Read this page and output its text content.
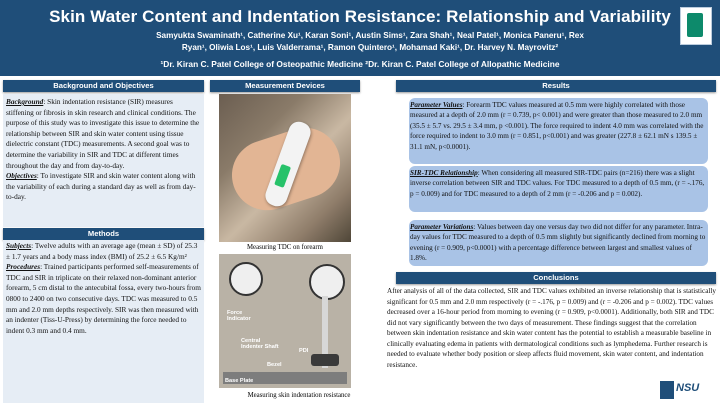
Skin Water Content and Indentation Resistance: Relationship and Variability
Samyukta Swaminath¹, Catherine Xu¹, Karan Soni¹, Austin Sims¹, Zara Shah¹, Neal Patel¹, Monica Paneru¹, Rex Ryan¹, Oliwia Los¹, Luis Valderrama¹, Ramon Quintero¹, Mohamad Kaki¹, Dr. Harvey N. Mayrovitz²
¹Dr. Kiran C. Patel College of Osteopathic Medicine ²Dr. Kiran C. Patel College of Allopathic Medicine
Background and Objectives
Background: Skin indentation resistance (SIR) measures stiffening or fibrosis in skin research and clinical conditions. The purpose of this study was to investigate this issue to determine the relationship between SIR and skin water content using tissue dielectric constant (TDC) measurements. A second goal was to determine the variability in SIR and TDC at different times throughout the day and from day-to-day.
Objectives: To investigate SIR and skin water content along with the variability of each during a standard day as well as from day-to-day.
Methods
Subjects: Twelve adults with an average age (mean ± SD) of 25.3 ± 1.7 years and a body mass index (BMI) of 25.2 ± 6.5 Kg/m²
Procedures: Trained participants performed self-measurements of TDC and SIR in triplicate on their relaxed non-dominant anterior forearm, 5 cm distal to the antecubital fossa, every two-hours from 0800 to 2400 on two consecutive days. TDC was measured to 0.5 mm and 2.0 mm depths respectively. SIR was then measured with an indenter (Tiss-U-Press) by determining the force needed to indent 0.3 mm and 0.4 mm.
Measurement Devices
Measuring TDC on forearm
Force Indicator
Central Indenter Shaft
Bezel
PDI
Base Plate
Measuring skin indentation resistance
Results
Parameter Values: Forearm TDC values measured at 0.5 mm were highly correlated with those measured at a depth of 2.0 mm (r = 0.739, p< 0.001) and were greater than those measured to 2.0 mm (35.5 ± 5.7 vs. 29.5 ± 3.4 mm, p <0.001). The force required to indent 4.0 mm was correlated with the force required to indent to 3.0 mm (r = 0.851, p<0.001) and was greater (227.8 ± 62.1 mN s 139.5 ± 31.1 mN, p<0.0001).
SIR-TDC Relationship: When considering all measured SIR-TDC pairs (n=216) there was a slight inverse correlation between SIR and TDC values. For TDC measured to a depth of 0.5 mm, (r = -.176, p = 0.009) and for TDC measured to a depth of 2 mm (r = -0.206 and p = 0.002).
Parameter Variations: Values between day one versus day two did not differ for any parameter. Intra-day values for TDC measured to a depth of 0.5 mm slightly but significantly declined from morning to evening (r = 0.909, p<0.0001) with a percentage difference between largest and smallest values of 1.8%.
Conclusions
After analysis of all of the data collected, SIR and TDC values exhibited an inverse relationship that is statistically significant for 0.5 mm and 2.0 mm respectively (r = -.176, p = 0.009) and (r = -0.206 and p = 0.002). TDC values decreased over a 16-hour period from morning to evening (r = 0.909, p<0.0001). Additionally, both SIR and TDC did not vary significantly between the two days of measurement. These findings suggest that the correlation between skin indentation resistance and skin water content has the potential to establish a measurable baseline in clinically evaluating edema in patients with dermatological conditions such as lymphedema. Further research is needed to evaluate whether body position or sleep affects fluid movement, skin water content, and indentation resistance.
NSU
